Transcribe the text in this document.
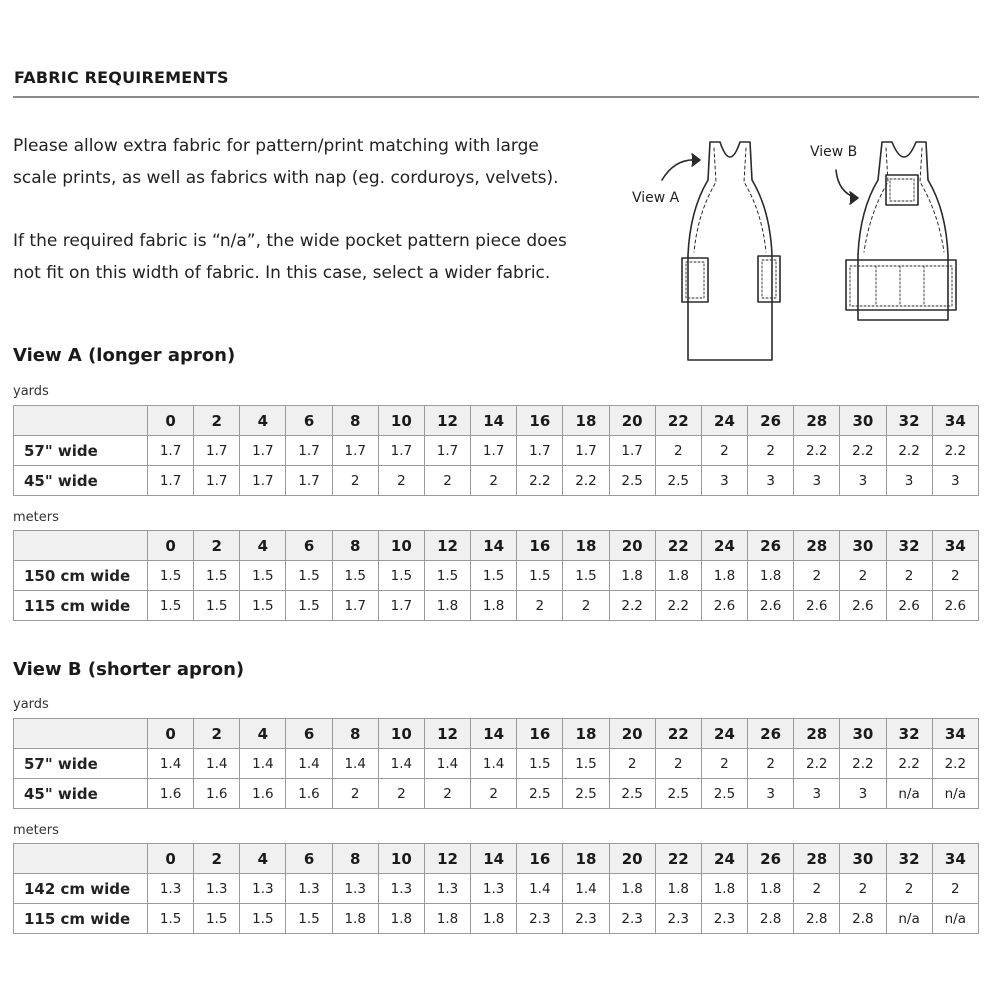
FABRIC REQUIREMENTS
Please allow extra fabric for pattern/print matching with large
scale prints, as well as fabrics with nap (eg. corduroys, velvets).
If the required fabric is “n/a”, the wide pocket pattern piece does
not fit on this width of fabric. In this case, select a wider fabric.
View A
View B
View A (longer apron)
yards
	0	2	4	6	8	10	12	14	16	18	20	22	24	26	28	30	32	34
57" wide	1.7	1.7	1.7	1.7	1.7	1.7	1.7	1.7	1.7	1.7	1.7	2	2	2	2.2	2.2	2.2	2.2
45" wide	1.7	1.7	1.7	1.7	2	2	2	2	2.2	2.2	2.5	2.5	3	3	3	3	3	3
meters
	0	2	4	6	8	10	12	14	16	18	20	22	24	26	28	30	32	34
150 cm wide	1.5	1.5	1.5	1.5	1.5	1.5	1.5	1.5	1.5	1.5	1.8	1.8	1.8	1.8	2	2	2	2
115 cm wide	1.5	1.5	1.5	1.5	1.7	1.7	1.8	1.8	2	2	2.2	2.2	2.6	2.6	2.6	2.6	2.6	2.6
View B (shorter apron)
yards
	0	2	4	6	8	10	12	14	16	18	20	22	24	26	28	30	32	34
57" wide	1.4	1.4	1.4	1.4	1.4	1.4	1.4	1.4	1.5	1.5	2	2	2	2	2.2	2.2	2.2	2.2
45" wide	1.6	1.6	1.6	1.6	2	2	2	2	2.5	2.5	2.5	2.5	2.5	3	3	3	n/a	n/a
meters
	0	2	4	6	8	10	12	14	16	18	20	22	24	26	28	30	32	34
142 cm wide	1.3	1.3	1.3	1.3	1.3	1.3	1.3	1.3	1.4	1.4	1.8	1.8	1.8	1.8	2	2	2	2
115 cm wide	1.5	1.5	1.5	1.5	1.8	1.8	1.8	1.8	2.3	2.3	2.3	2.3	2.3	2.8	2.8	2.8	n/a	n/a
